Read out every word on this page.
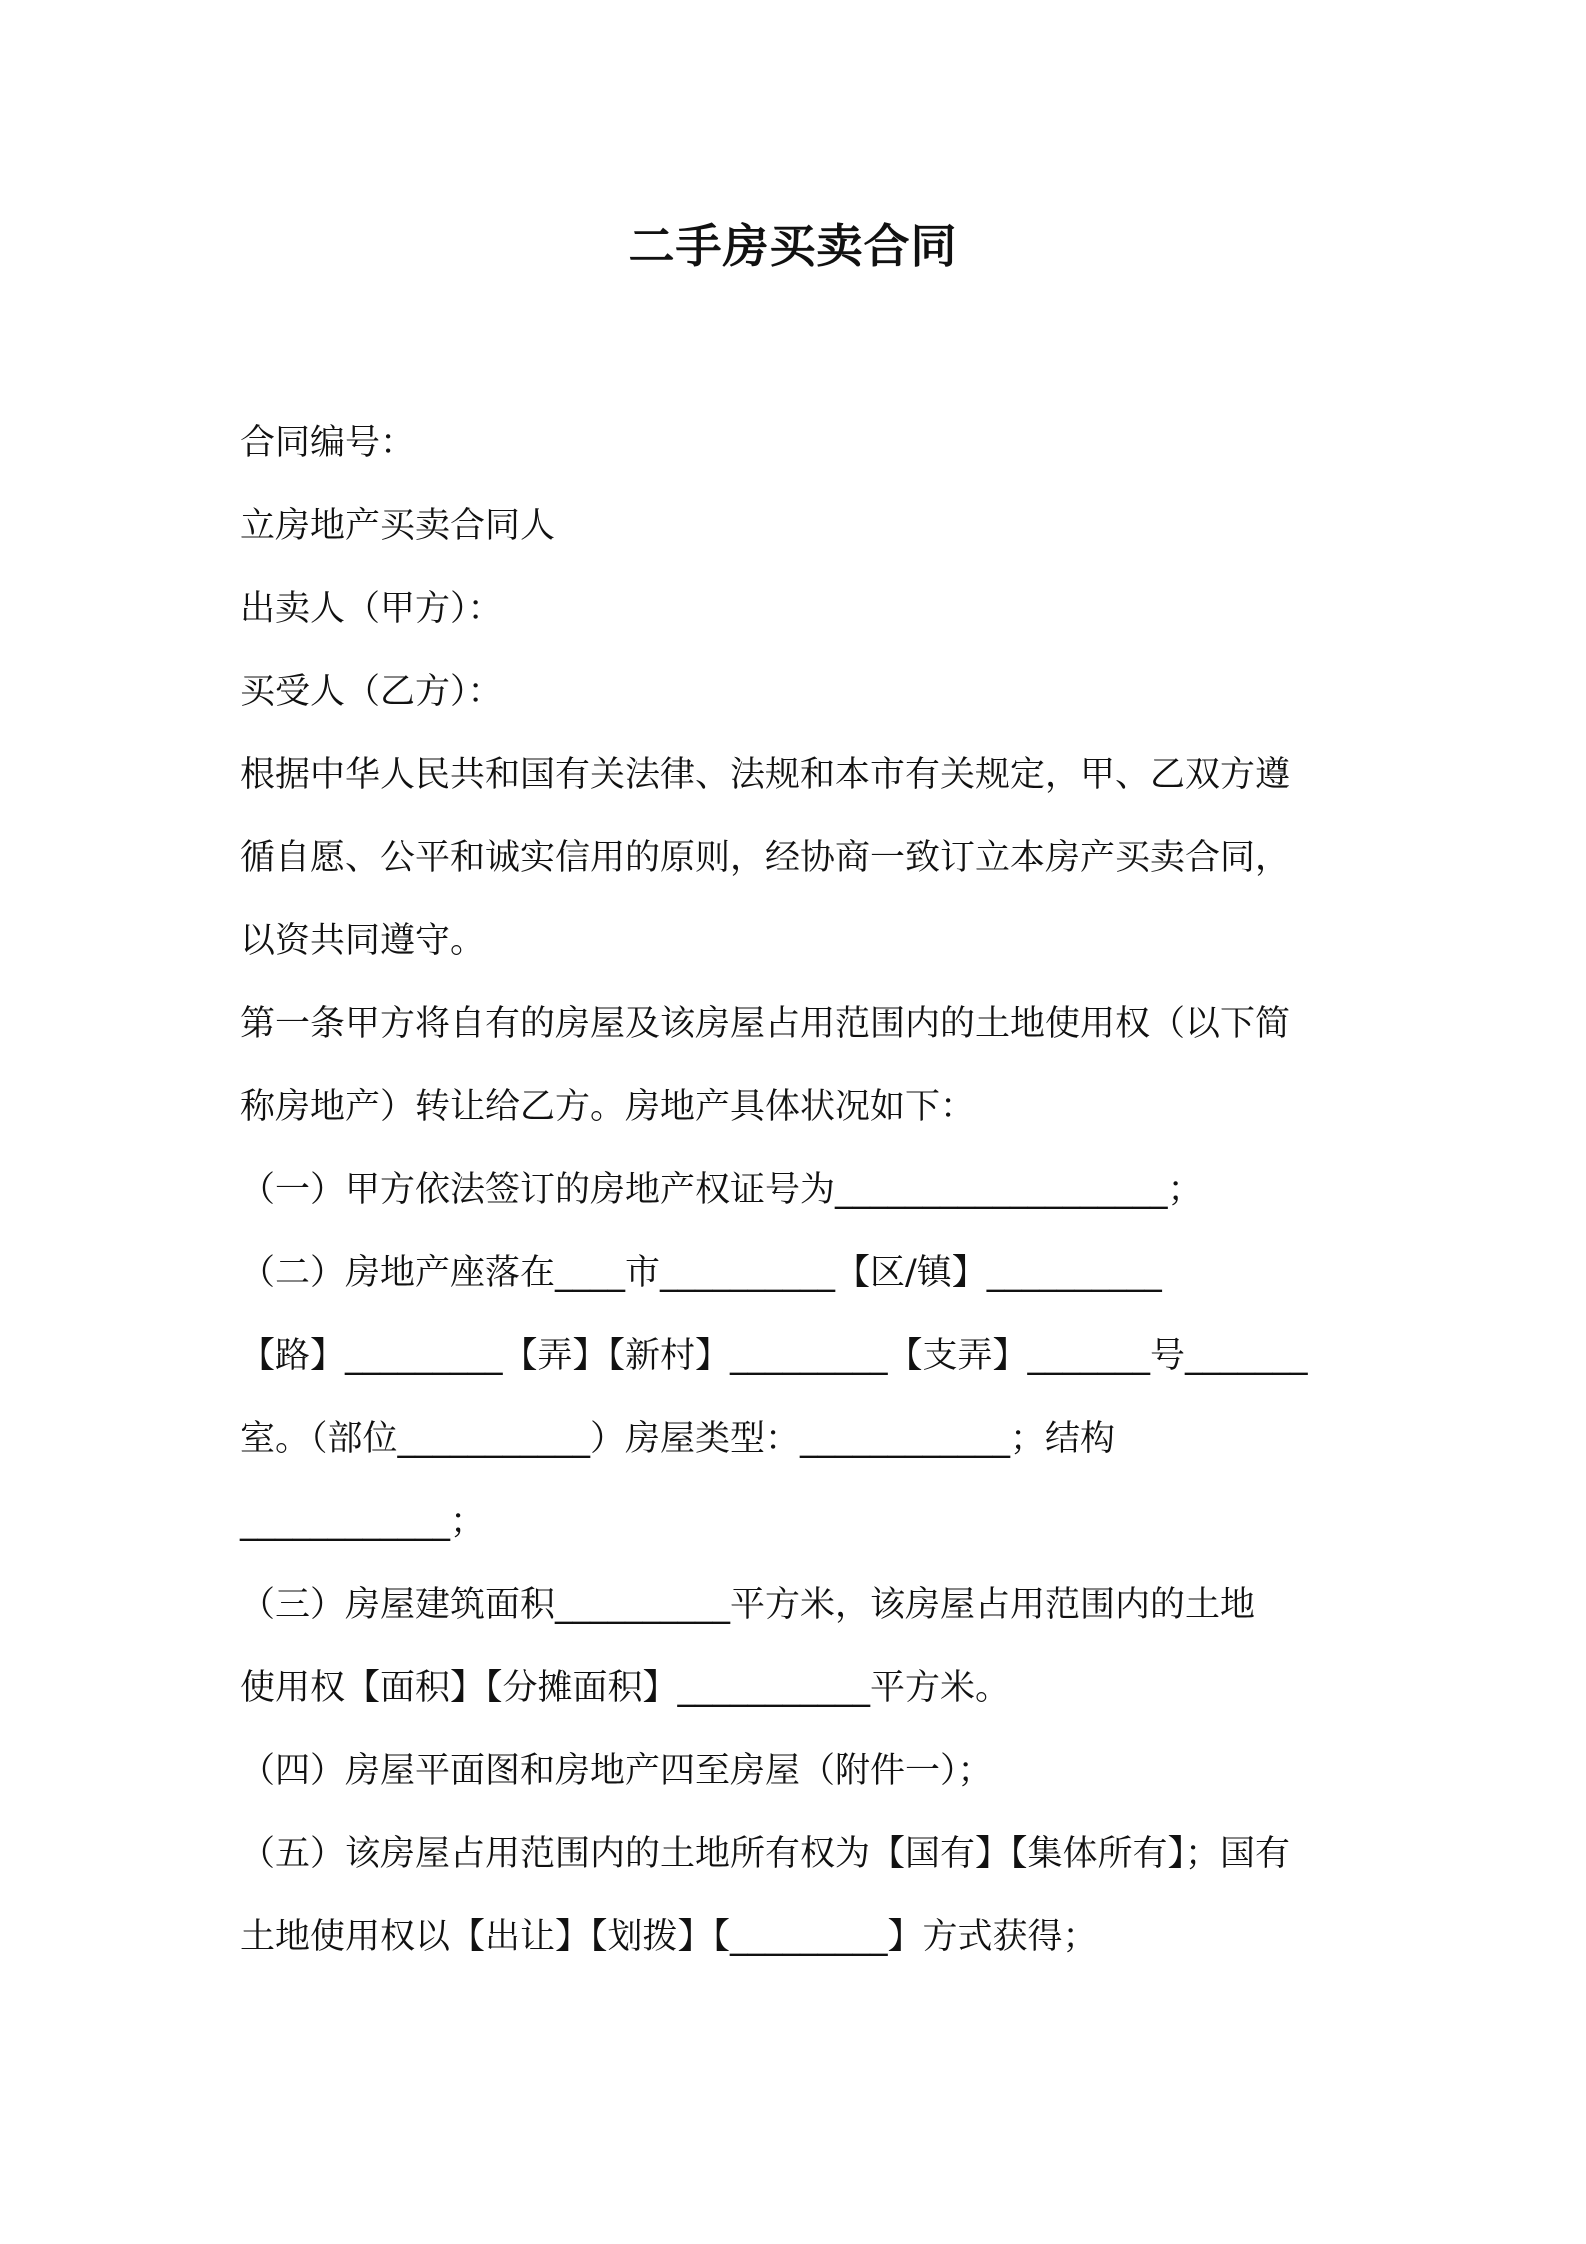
二手房买卖合同
合同编号：
立房地产买卖合同人
出卖人（甲方）：
买受人（乙方）：
根据中华人民共和国有关法律、法规和本市有关规定，甲、乙双方遵
循自愿、公平和诚实信用的原则，经协商一致订立本房产买卖合同，
以资共同遵守。
第一条甲方将自有的房屋及该房屋占用范围内的土地使用权（以下简
称房地产）转让给乙方。房地产具体状况如下：
（一）甲方依法签订的房地产权证号为___________________；
（二）房地产座落在____市__________【区/镇】__________
【路】_________【弄】【新村】_________【支弄】_______号_______
室。（部位___________）房屋类型：____________；结构
____________；
（三）房屋建筑面积__________平方米，该房屋占用范围内的土地
使用权【面积】【分摊面积】___________平方米。
（四）房屋平面图和房地产四至房屋（附件一）；
（五）该房屋占用范围内的土地所有权为【国有】【集体所有】；国有
土地使用权以【出让】【划拨】【_________】方式获得；
